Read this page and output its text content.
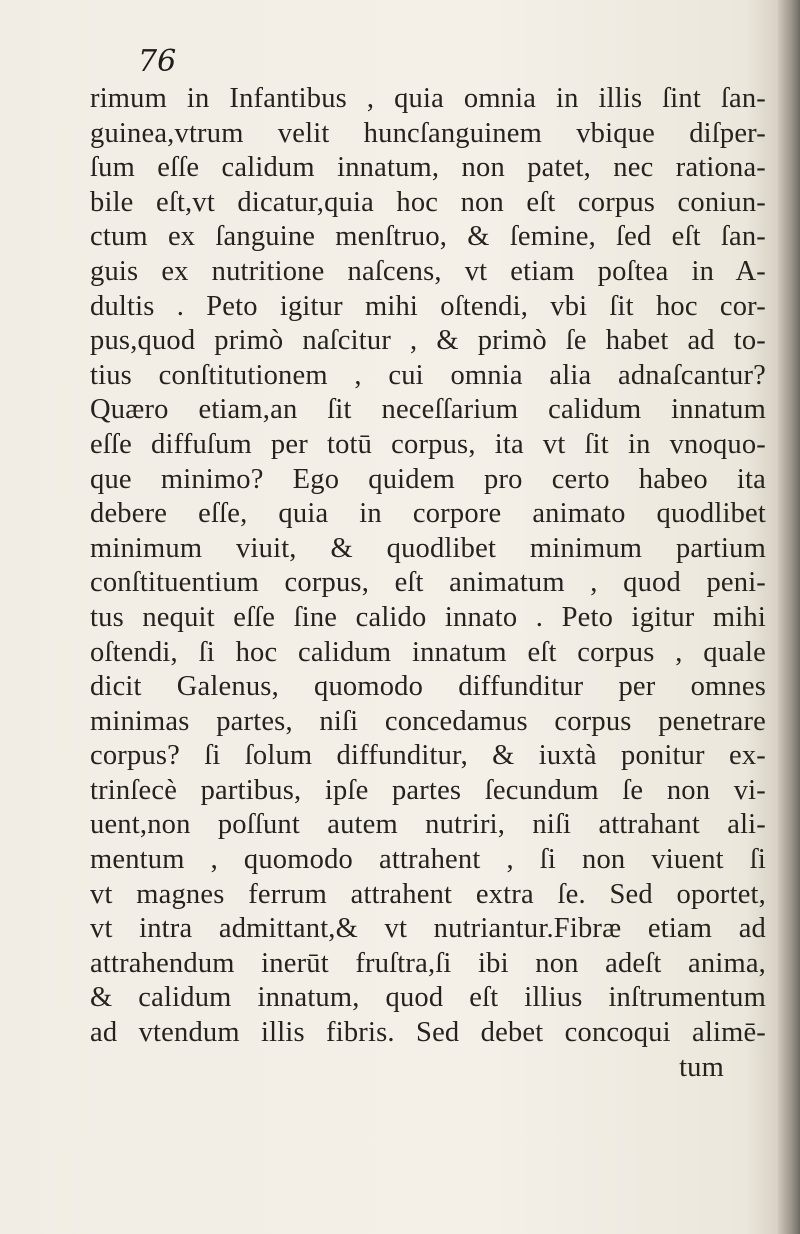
76
rimum in Infantibus , quia omnia in illis ſint ſan-
guinea,vtrum velit huncſanguinem vbique diſper-
ſum eſſe calidum innatum, non patet, nec rationa-
bile eſt,vt dicatur,quia hoc non eſt corpus coniun-
ctum ex ſanguine menſtruo, & ſemine, ſed eſt ſan-
guis ex nutritione naſcens, vt etiam poſtea in A-
dultis . Peto igitur mihi oſtendi, vbi ſit hoc cor-
pus,quod primò naſcitur , & primò ſe habet ad to-
tius conſtitutionem , cui omnia alia adnaſcantur?
Quæro etiam,an ſit neceſſarium calidum innatum
eſſe diffuſum per totū corpus, ita vt ſit in vnoquo-
que minimo? Ego quidem pro certo habeo ita
debere eſſe, quia in corpore animato quodlibet
minimum viuit, & quodlibet minimum partium
conſtituentium corpus, eſt animatum , quod peni-
tus nequit eſſe ſine calido innato . Peto igitur mihi
oſtendi, ſi hoc calidum innatum eſt corpus , quale
dicit Galenus, quomodo diffunditur per omnes
minimas partes, niſi concedamus corpus penetrare
corpus? ſi ſolum diffunditur, & iuxtà ponitur ex-
trinſecè partibus, ipſe partes ſecundum ſe non vi-
uent,non poſſunt autem nutriri, niſi attrahant ali-
mentum , quomodo attrahent , ſi non viuent ſi
vt magnes ferrum attrahent extra ſe. Sed oportet,
vt intra admittant,& vt nutriantur.Fibræ etiam ad
attrahendum inerūt fruſtra,ſi ibi non adeſt anima,
& calidum innatum, quod eſt illius inſtrumentum
ad vtendum illis fibris. Sed debet concoqui alimē-
tum
